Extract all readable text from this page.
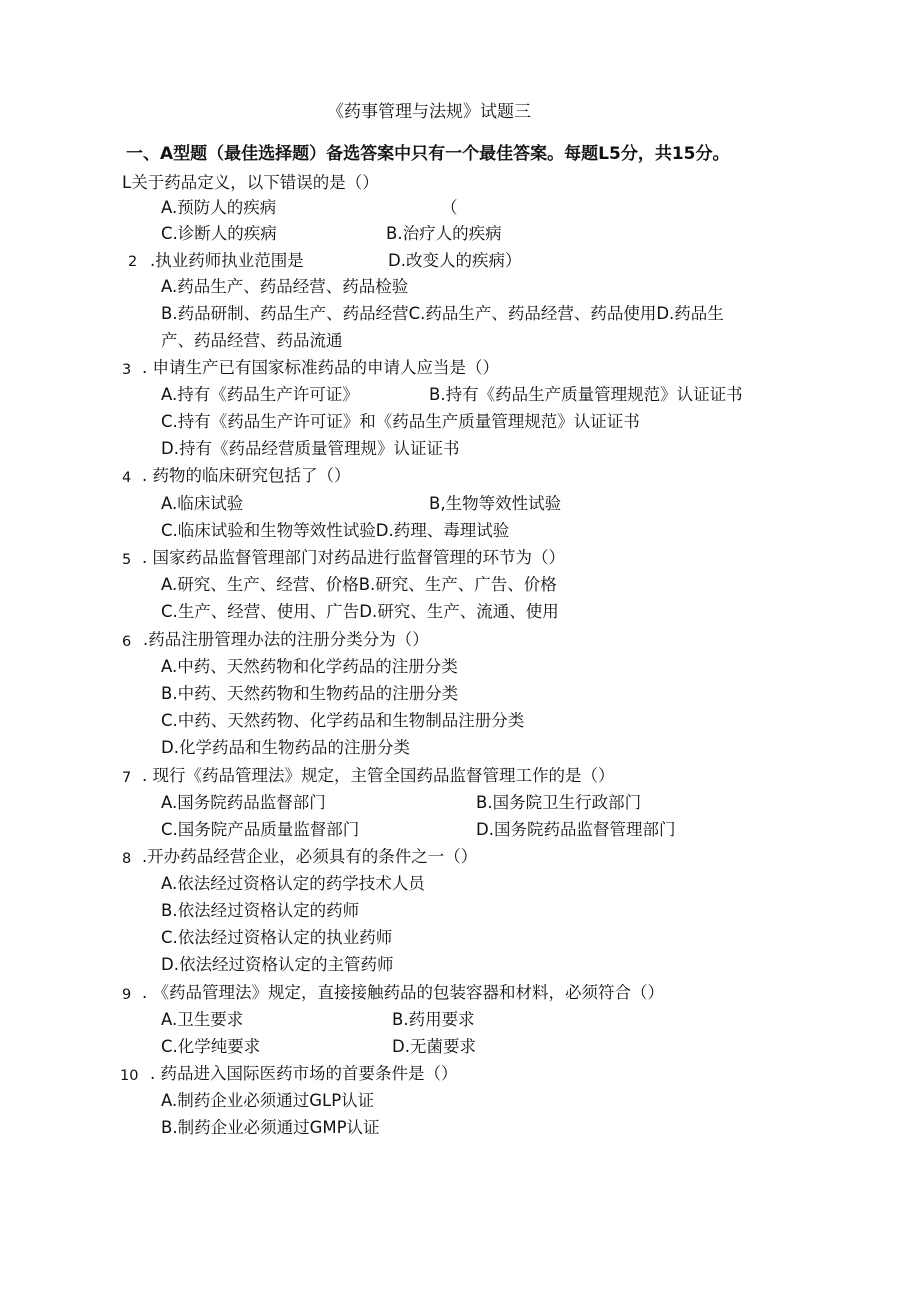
《药事管理与法规》试题三
一、A型题（最佳选择题）备选答案中只有一个最佳答案。每题L5分，共15分。
L关于药品定义，以下错误的是（）
A.预防人的疾病	（
C.诊断人的疾病	B.治疗人的疾病
2 .执业药师执业范围是	D.改变人的疾病）
A.药品生产、药品经营、药品检验
B.药品研制、药品生产、药品经营C.药品生产、药品经营、药品使用D.药品生
产、药品经营、药品流通
3 . 申请生产已有国家标准药品的申请人应当是（）
A.持有《药品生产许可证》	B.持有《药品生产质量管理规范》认证证书
C.持有《药品生产许可证》和《药品生产质量管理规范》认证证书
D.持有《药品经营质量管理规》认证证书
4 . 药物的临床研究包括了（）
A.临床试验	B,生物等效性试验
C.临床试验和生物等效性试验D.药理、毒理试验
5 . 国家药品监督管理部门对药品进行监督管理的环节为（）
A.研究、生产、经营、价格B.研究、生产、广告、价格
C.生产、经营、使用、广告D.研究、生产、流通、使用
6 .药品注册管理办法的注册分类分为（）
A.中药、天然药物和化学药品的注册分类
B.中药、天然药物和生物药品的注册分类
C.中药、天然药物、化学药品和生物制品注册分类
D.化学药品和生物药品的注册分类
7 . 现行《药品管理法》规定，主管全国药品监督管理工作的是（）
A.国务院药品监督部门	B.国务院卫生行政部门
C.国务院产品质量监督部门	D.国务院药品监督管理部门
8 .开办药品经营企业，必须具有的条件之一（）
A.依法经过资格认定的药学技术人员
B.依法经过资格认定的药师
C.依法经过资格认定的执业药师
D.依法经过资格认定的主管药师
9 . 《药品管理法》规定，直接接触药品的包装容器和材料，必须符合（）
A.卫生要求	B.药用要求
C.化学纯要求	D.无菌要求
10 . 药品进入国际医药市场的首要条件是（）
A.制药企业必须通过GLP认证
B.制药企业必须通过GMP认证
